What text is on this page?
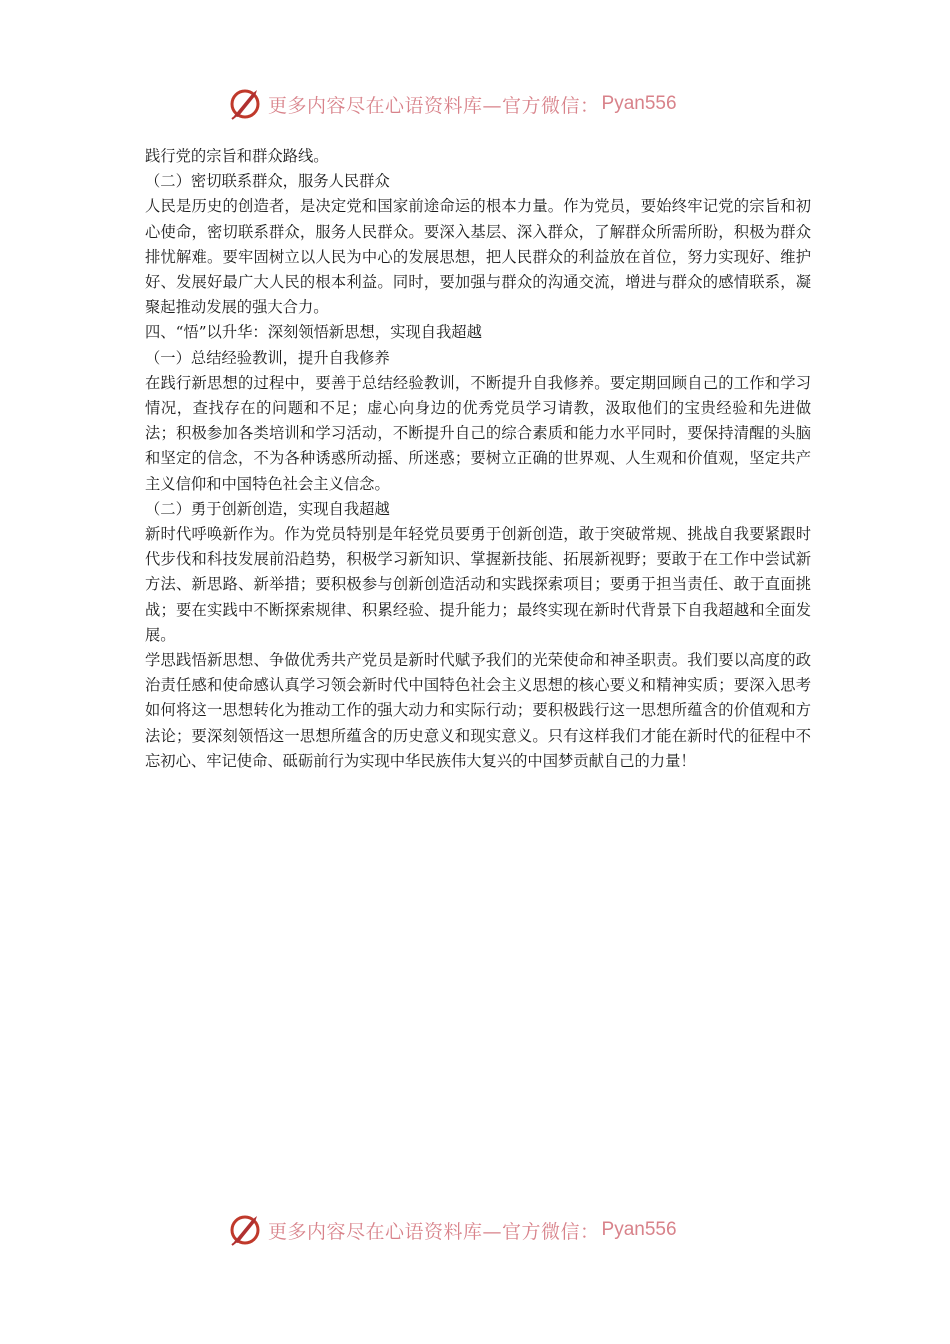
更多内容尽在心语资料库—官方微信： Pyan556

践行党的宗旨和群众路线。

（二）密切联系群众，服务人民群众

人民是历史的创造者，是决定党和国家前途命运的根本力量。作为党员，要始终牢记党的宗旨和初心使命，密切联系群众，服务人民群众。要深入基层、深入群众，了解群众所需所盼，积极为群众排忧解难。要牢固树立以人民为中心的发展思想，把人民群众的利益放在首位，努力实现好、维护好、发展好最广大人民的根本利益。同时，要加强与群众的沟通交流，增进与群众的感情联系，凝聚起推动发展的强大合力。

四、“悟”以升华：深刻领悟新思想，实现自我超越

（一）总结经验教训，提升自我修养

在践行新思想的过程中，要善于总结经验教训，不断提升自我修养。要定期回顾自己的工作和学习情况，查找存在的问题和不足；虚心向身边的优秀党员学习请教，汲取他们的宝贵经验和先进做法；积极参加各类培训和学习活动，不断提升自己的综合素质和能力水平同时，要保持清醒的头脑和坚定的信念，不为各种诱惑所动摇、所迷惑；要树立正确的世界观、人生观和价值观，坚定共产主义信仰和中国特色社会主义信念。

（二）勇于创新创造，实现自我超越

新时代呼唤新作为。作为党员特别是年轻党员要勇于创新创造，敢于突破常规、挑战自我要紧跟时代步伐和科技发展前沿趋势，积极学习新知识、掌握新技能、拓展新视野；要敢于在工作中尝试新方法、新思路、新举措；要积极参与创新创造活动和实践探索项目；要勇于担当责任、敢于直面挑战；要在实践中不断探索规律、积累经验、提升能力；最终实现在新时代背景下自我超越和全面发展。

学思践悟新思想、争做优秀共产党员是新时代赋予我们的光荣使命和神圣职责。我们要以高度的政治责任感和使命感认真学习领会新时代中国特色社会主义思想的核心要义和精神实质；要深入思考如何将这一思想转化为推动工作的强大动力和实际行动；要积极践行这一思想所蕴含的价值观和方法论；要深刻领悟这一思想所蕴含的历史意义和现实意义。只有这样我们才能在新时代的征程中不忘初心、牢记使命、砥砺前行为实现中华民族伟大复兴的中国梦贡献自己的力量！

更多内容尽在心语资料库—官方微信： Pyan556
